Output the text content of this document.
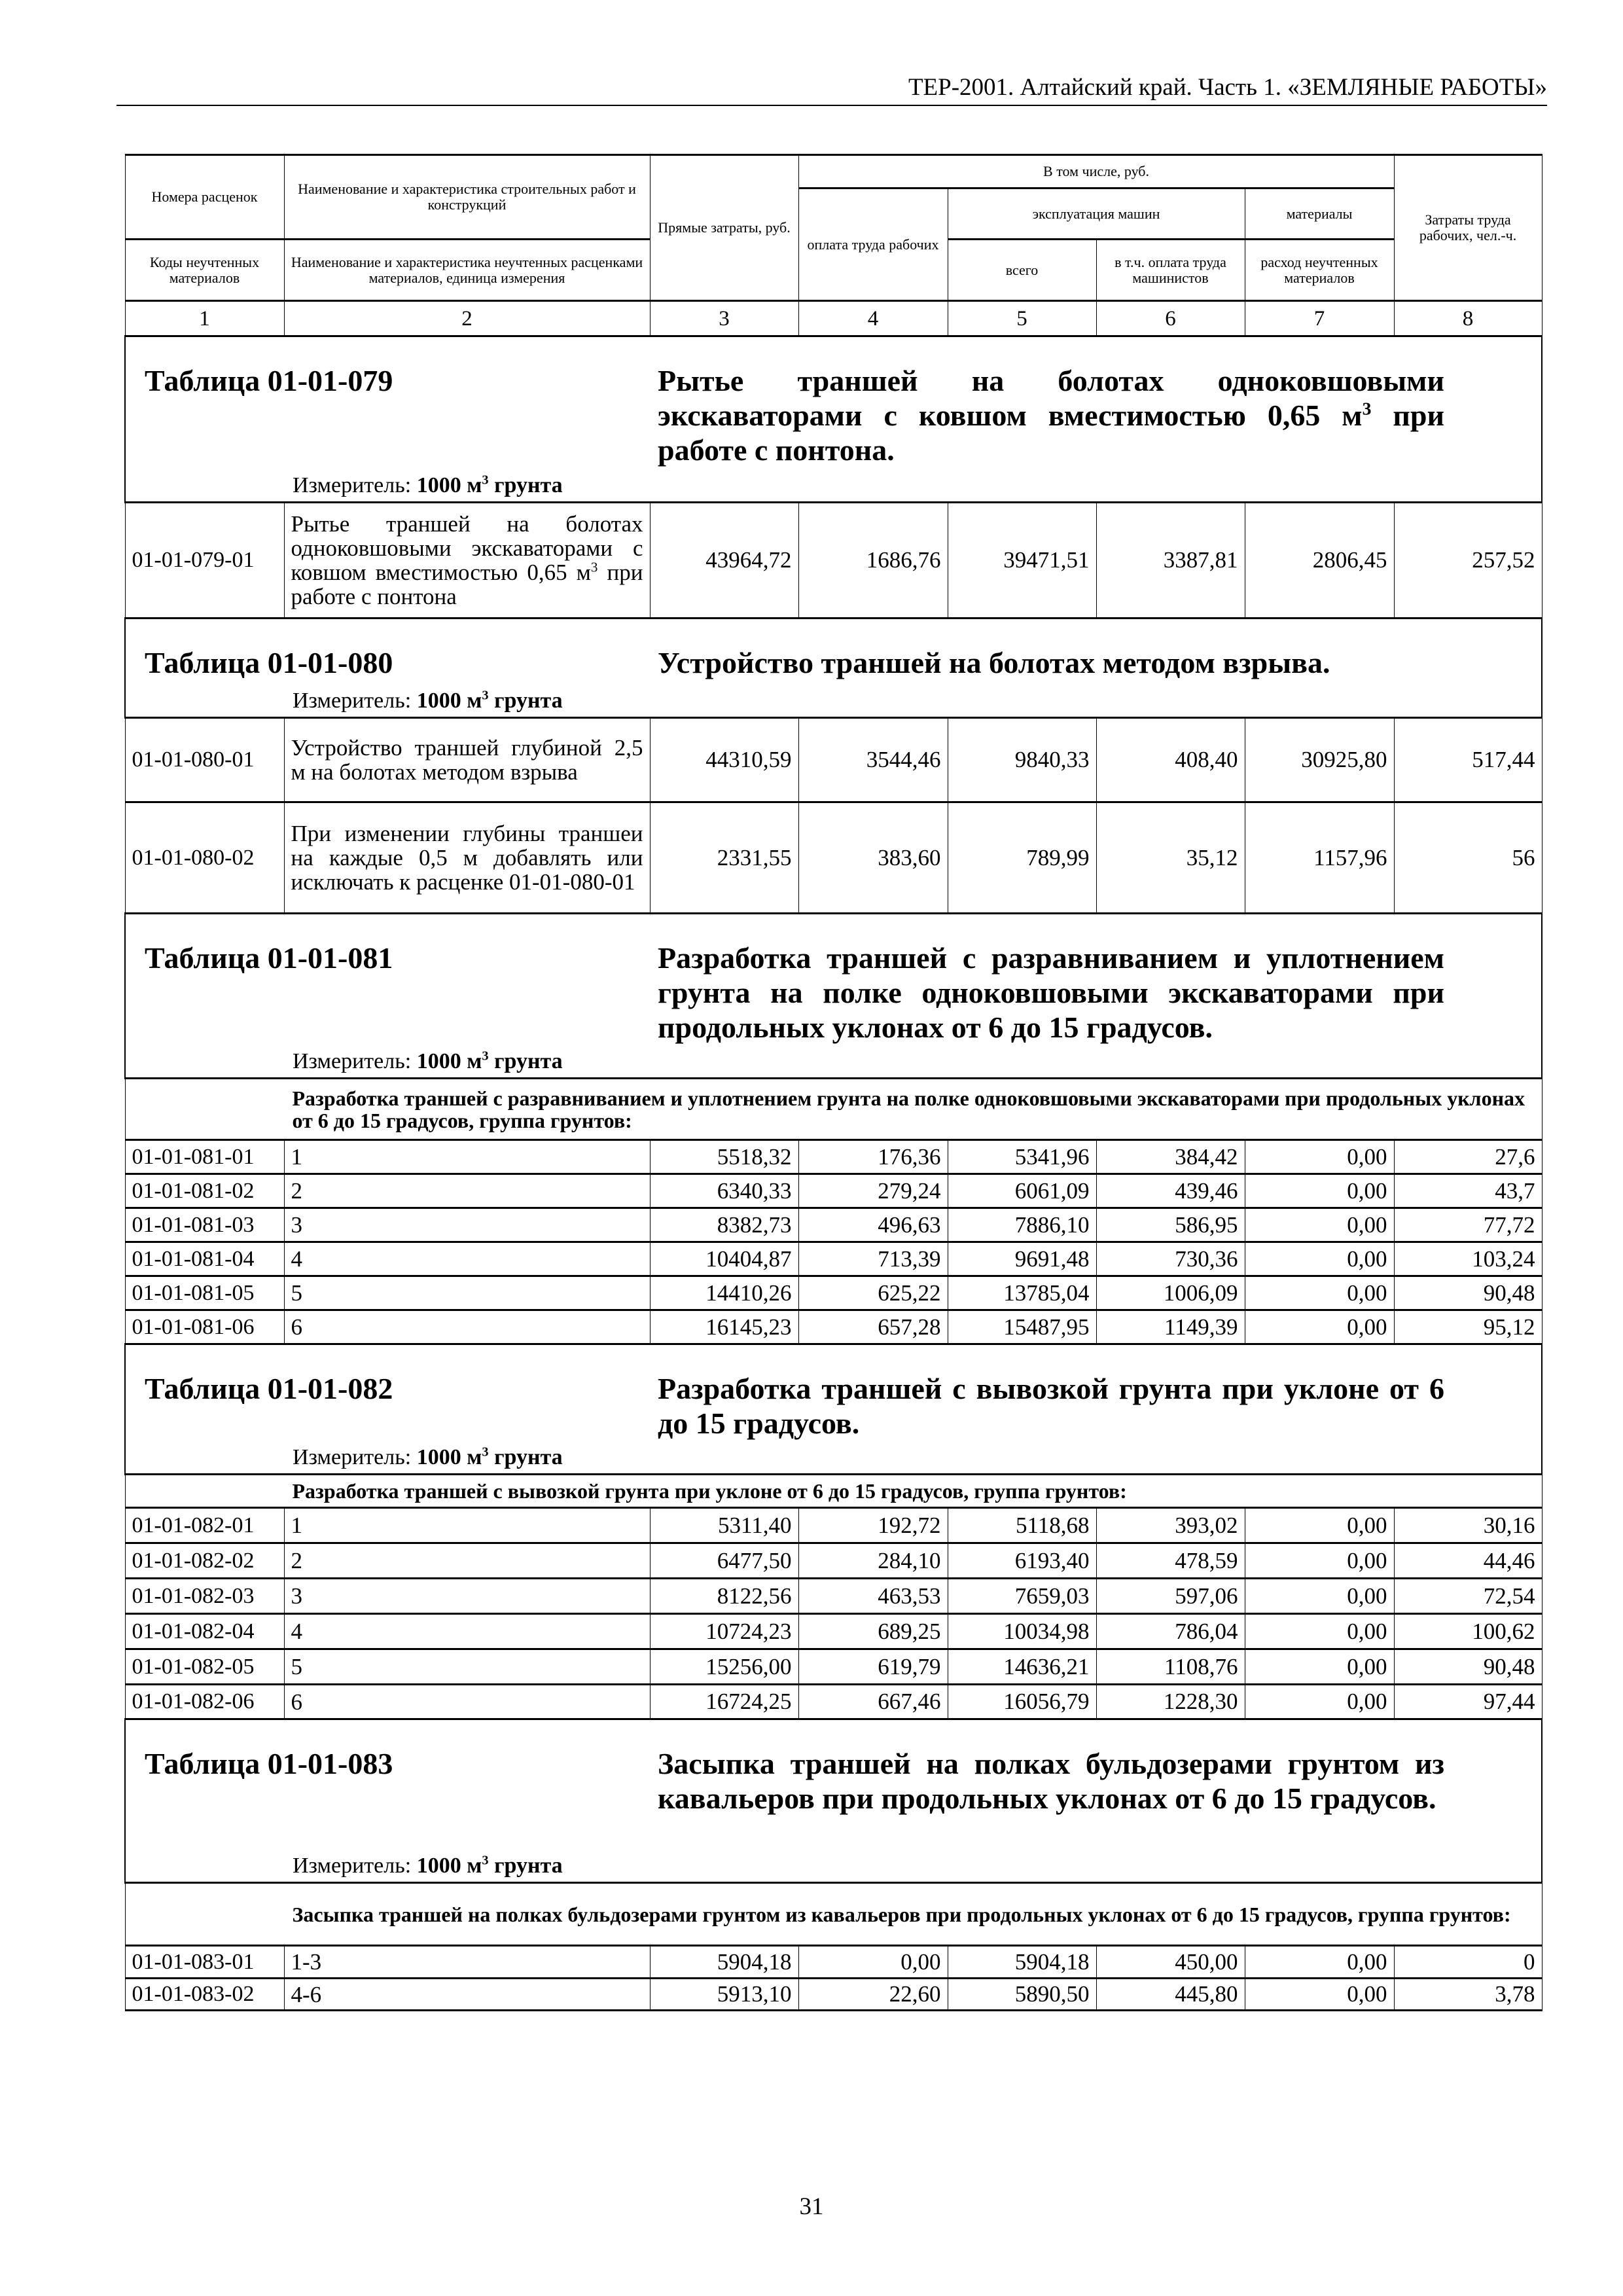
ТЕР-2001. Алтайский край. Часть 1. «ЗЕМЛЯНЫЕ РАБОТЫ»
Номера расценок	Наименование и характеристика строительных работ и конструкций	Прямые затраты, руб.	В том числе, руб.				Затраты труда рабочих, чел.-ч.
			оплата труда рабочих	эксплуатация машин		материалы	
Коды неучтенных материалов	Наименование и характеристика неучтенных расценками материалов, единица измерения			всего	в т.ч. оплата труда машинистов	расход неучтенных материалов	
1	2	3	4	5	6	7	8

Таблица 01-01-079 Рытье траншей на болотах одноковшовыми экскаваторами с ковшом вместимостью 0,65 $м^3$ при работе с понтона.
Измеритель: 1000 $м^3$ грунта							

01-01-079-01	Рытье траншей на болотах одноковшовыми экскаваторами с ковшом вместимостью 0,65 $м^3$ при работе с понтона	43964,72	1686,76	39471,51	3387,81	2806,45	257,52

Таблица 01-01-080 Устройство траншей на болотах методом взрыва.
Измеритель: 1000 $м^3$ грунта							

01-01-080-01	Устройство траншей глубиной 2,5 м на болотах методом взрыва	44310,59	3544,46	9840,33	408,40	30925,80	517,44
01-01-080-02	При изменении глубины траншеи на каждые 0,5 м добавлять или исключать к расценке 01-01-080-01	2331,55	383,60	789,99	35,12	1157,96	56

Таблица 01-01-081 Разработка траншей с разравниванием и уплотнением грунта на полке одноковшовыми экскаваторами при продольных уклонах от 6 до 15 градусов.
Измеритель: 1000 $м^3$ грунта							

Разработка траншей с разравниванием и уплотнением грунта на полке одноковшовыми экскаваторами при продольных уклонах от 6 до 15 градусов, группа грунтов:							
01-01-081-01	1	5518,32	176,36	5341,96	384,42	0,00	27,6
01-01-081-02	2	6340,33	279,24	6061,09	439,46	0,00	43,7
01-01-081-03	3	8382,73	496,63	7886,10	586,95	0,00	77,72
01-01-081-04	4	10404,87	713,39	9691,48	730,36	0,00	103,24
01-01-081-05	5	14410,26	625,22	13785,04	1006,09	0,00	90,48
01-01-081-06	6	16145,23	657,28	15487,95	1149,39	0,00	95,12

Таблица 01-01-082 Разработка траншей с вывозкой грунта при уклоне от 6 до 15 градусов.
Измеритель: 1000 $м^3$ грунта							

Разработка траншей с вывозкой грунта при уклоне от 6 до 15 градусов, группа грунтов:							
01-01-082-01	1	5311,40	192,72	5118,68	393,02	0,00	30,16
01-01-082-02	2	6477,50	284,10	6193,40	478,59	0,00	44,46
01-01-082-03	3	8122,56	463,53	7659,03	597,06	0,00	72,54
01-01-082-04	4	10724,23	689,25	10034,98	786,04	0,00	100,62
01-01-082-05	5	15256,00	619,79	14636,21	1108,76	0,00	90,48
01-01-082-06	6	16724,25	667,46	16056,79	1228,30	0,00	97,44

Таблица 01-01-083 Засыпка траншей на полках бульдозерами грунтом из кавальеров при продольных уклонах от 6 до 15 градусов.
Измеритель: 1000 $м^3$ грунта							

Засыпка траншей на полках бульдозерами грунтом из кавальеров при продольных уклонах от 6 до 15 градусов, группа грунтов:							
01-01-083-01	1-3	5904,18	0,00	5904,18	450,00	0,00	0
01-01-083-02	4-6	5913,10	22,60	5890,50	445,80	0,00	3,78
31
